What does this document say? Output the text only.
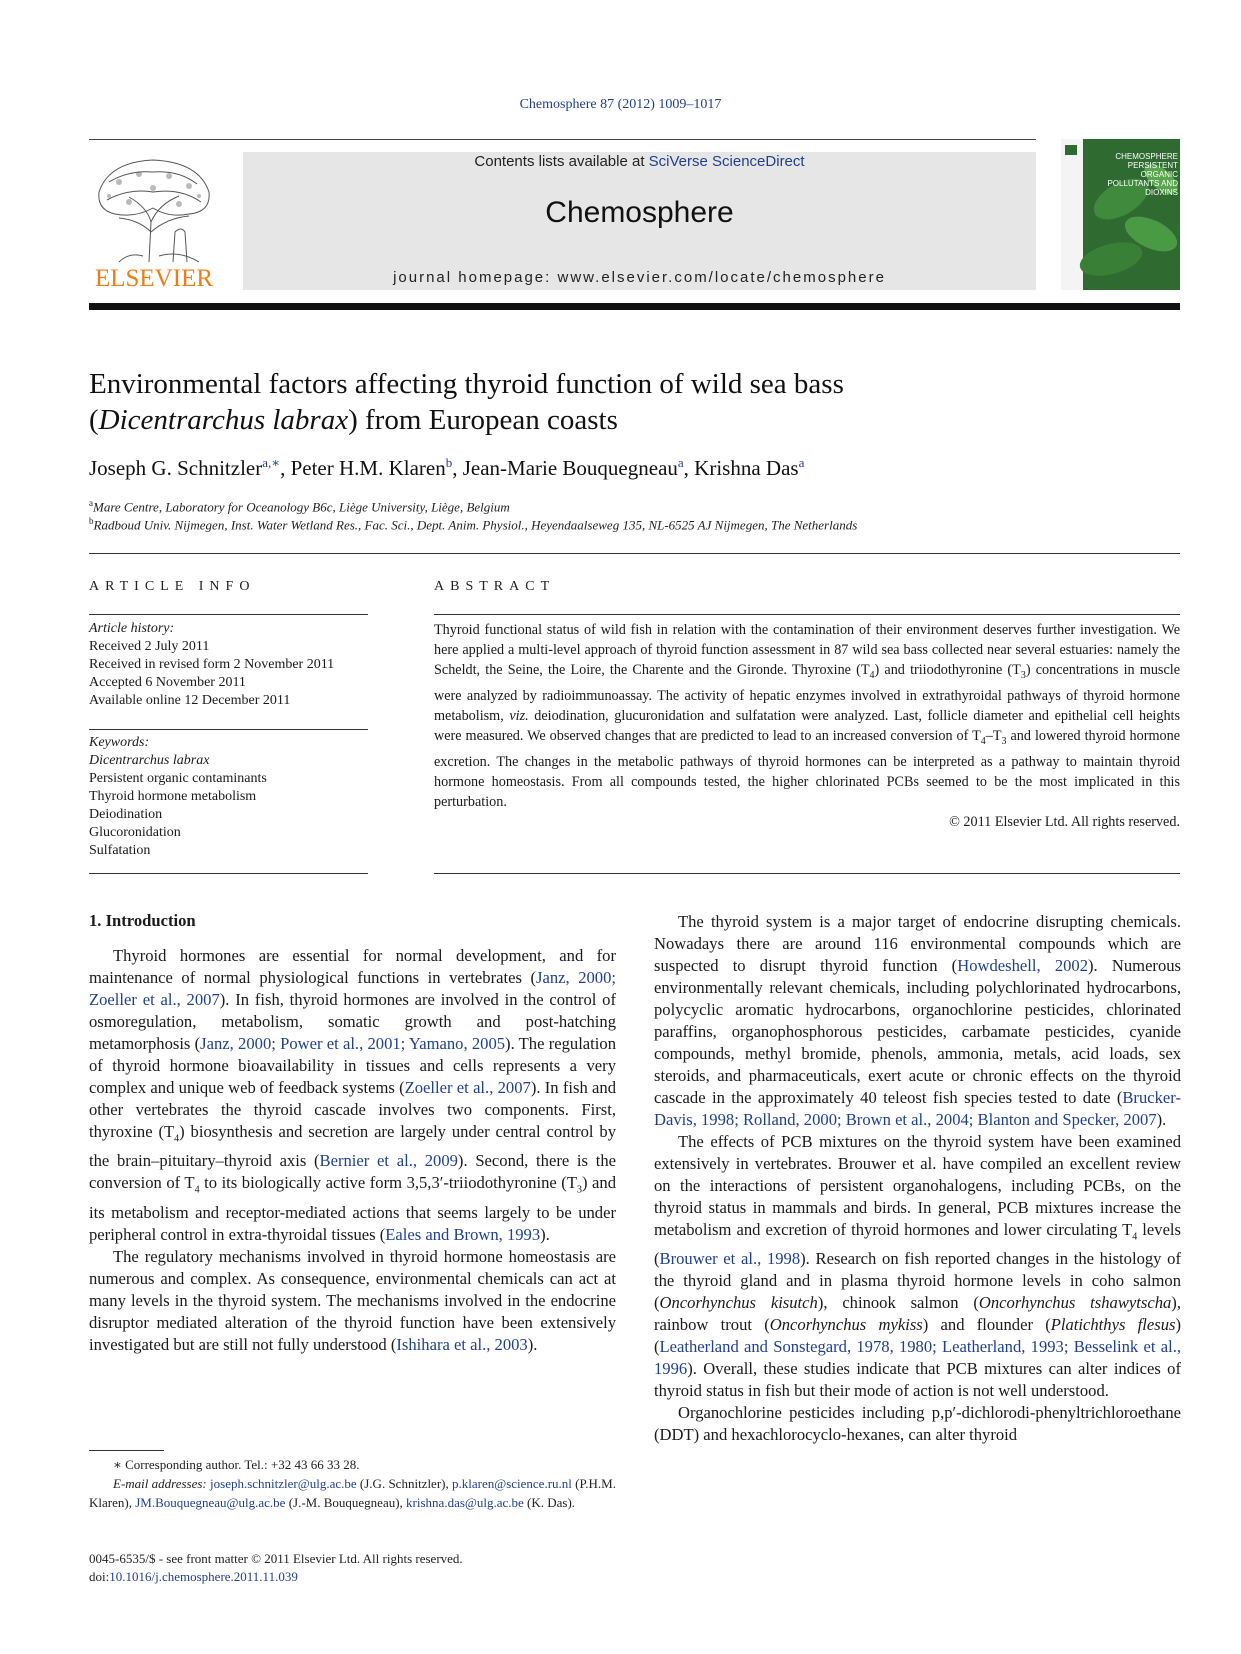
Chemosphere 87 (2012) 1009–1017
ELSEVIER
Contents lists available at SciVerse ScienceDirect
Chemosphere
journal homepage: www.elsevier.com/locate/chemosphere
CHEMOSPHERE
PERSISTENT ORGANIC POLLUTANTS AND DIOXINS
Environmental factors affecting thyroid function of wild sea bass
(Dicentrarchus labrax) from European coasts
Joseph G. Schnitzler$^{a,∗}$, Peter H.M. Klaren$^b$, Jean-Marie Bouquegneau$^a$, Krishna Das$^a$
$^a$Mare Centre, Laboratory for Oceanology B6c, Liège University, Liège, Belgium
$^b$Radboud Univ. Nijmegen, Inst. Water Wetland Res., Fac. Sci., Dept. Anim. Physiol., Heyendaalseweg 135, NL-6525 AJ Nijmegen, The Netherlands
ARTICLE INFO	ABSTRACT
Article history:
Received 2 July 2011
Received in revised form 2 November 2011
Accepted 6 November 2011
Available online 12 December 2011
Keywords:
Dicentrarchus labrax
Persistent organic contaminants
Thyroid hormone metabolism
Deiodination
Glucoronidation
Sulfatation
Thyroid functional status of wild fish in relation with the contamination of their environment deserves further investigation. We here applied a multi-level approach of thyroid function assessment in 87 wild sea bass collected near several estuaries: namely the Scheldt, the Seine, the Loire, the Charente and the Gironde. Thyroxine $(T_4)$ and triiodothyronine $(T_3)$ concentrations in muscle were analyzed by radioimmunoassay. The activity of hepatic enzymes involved in extrathyroidal pathways of thyroid hormone metabolism, viz. deiodination, glucuronidation and sulfatation were analyzed. Last, follicle diameter and epithelial cell heights were measured. We observed changes that are predicted to lead to an increased conversion of $T_4-T_3$ and lowered thyroid hormone excretion. The changes in the metabolic pathways of thyroid hormones can be interpreted as a pathway to maintain thyroid hormone homeostasis. From all compounds tested, the higher chlorinated PCBs seemed to be the most implicated in this perturbation.
© 2011 Elsevier Ltd. All rights reserved.
1. Introduction

Thyroid hormones are essential for normal development, and for maintenance of normal physiological functions in vertebrates (Janz, 2000; Zoeller et al., 2007). In fish, thyroid hormones are involved in the control of osmoregulation, metabolism, somatic growth and post-hatching metamorphosis (Janz, 2000; Power et al., 2001; Yamano, 2005). The regulation of thyroid hormone bioavailability in tissues and cells represents a very complex and unique web of feedback systems (Zoeller et al., 2007). In fish and other vertebrates the thyroid cascade involves two components. First, thyroxine $(T_4)$ biosynthesis and secretion are largely under central control by the brain–pituitary–thyroid axis (Bernier et al., 2009). Second, there is the conversion of $T_4$ to its biologically active form 3,5,3′-triiodothyronine $(T_3)$ and its metabolism and receptor-mediated actions that seems largely to be under peripheral control in extra-thyroidal tissues (Eales and Brown, 1993).

The regulatory mechanisms involved in thyroid hormone homeostasis are numerous and complex. As consequence, environmental chemicals can act at many levels in the thyroid system. The mechanisms involved in the endocrine disruptor mediated alteration of the thyroid function have been extensively investigated but are still not fully understood (Ishihara et al., 2003).

The thyroid system is a major target of endocrine disrupting chemicals. Nowadays there are around 116 environmental compounds which are suspected to disrupt thyroid function (Howdeshell, 2002). Numerous environmentally relevant chemicals, including polychlorinated hydrocarbons, polycyclic aromatic hydrocarbons, organochlorine pesticides, chlorinated paraffins, organophosphorous pesticides, carbamate pesticides, cyanide compounds, methyl bromide, phenols, ammonia, metals, acid loads, sex steroids, and pharmaceuticals, exert acute or chronic effects on the thyroid cascade in the approximately 40 teleost fish species tested to date (Brucker-Davis, 1998; Rolland, 2000; Brown et al., 2004; Blanton and Specker, 2007).

The effects of PCB mixtures on the thyroid system have been examined extensively in vertebrates. Brouwer et al. have compiled an excellent review on the interactions of persistent organohalogens, including PCBs, on the thyroid status in mammals and birds. In general, PCB mixtures increase the metabolism and excretion of thyroid hormones and lower circulating $T_4$ levels (Brouwer et al., 1998). Research on fish reported changes in the histology of the thyroid gland and in plasma thyroid hormone levels in coho salmon (Oncorhynchus kisutch), chinook salmon (Oncorhynchus tshawytscha), rainbow trout (Oncorhynchus mykiss) and flounder (Platichthys flesus) (Leatherland and Sonstegard, 1978, 1980; Leatherland, 1993; Besselink et al., 1996). Overall, these studies indicate that PCB mixtures can alter indices of thyroid status in fish but their mode of action is not well understood.

Organochlorine pesticides including p,p′-dichlorodi-phenyltrichloroethane (DDT) and hexachlorocyclo-hexanes, can alter thyroid

∗ Corresponding author. Tel.: +32 43 66 33 28.

E-mail addresses: joseph.schnitzler@ulg.ac.be (J.G. Schnitzler), p.klaren@science.ru.nl (P.H.M. Klaren), JM.Bouquegneau@ulg.ac.be (J.-M. Bouquegneau), krishna.das@ulg.ac.be (K. Das).

0045-6535/$ - see front matter © 2011 Elsevier Ltd. All rights reserved.
doi:10.1016/j.chemosphere.2011.11.039
